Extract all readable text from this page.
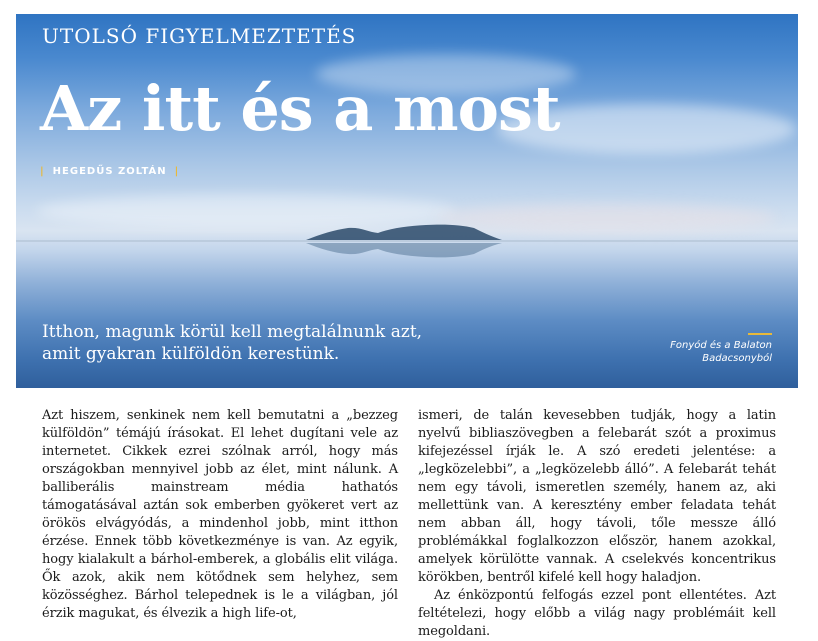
UTOLSÓ FIGYELMEZTETÉS
Az itt és a most
| HEGEDŰS ZOLTÁN |

Itthon, magunk körül kell megtalálnunk azt, amit gyakran külföldön kerestünk.	Fonyód és a Balaton
Badacsonyból

Azt hiszem, senkinek nem kell bemutatni a „bezzeg külföldön” témájú írásokat. El lehet dugítani vele az internetet. Cikkek ezrei szólnak arról, hogy más országokban mennyivel jobb az élet, mint nálunk. A balliberális mainstream média hathatós támogatásával aztán sok emberben gyökeret vert az örökös elvágyódás, a mindenhol jobb, mint itthon érzése. Ennek több következménye is van. Az egyik, hogy kialakult a bárhol-emberek, a globális elit világa. Ők azok, akik nem kötődnek sem helyhez, sem közösséghez. Bárhol telepednek is le a világban, jól érzik magukat, és élvezik a high life-ot,

ismeri, de talán kevesebben tudják, hogy a latin nyelvű bibliaszövegben a felebarát szót a proximus kifejezéssel írják le. A szó eredeti jelentése: a „legközelebbi”, a „legközelebb álló”. A felebarát tehát nem egy távoli, ismeretlen személy, hanem az, aki mellettünk van. A keresztény ember feladata tehát nem abban áll, hogy távoli, tőle messze álló problémákkal foglalkozzon először, hanem azokkal, amelyek körülötte vannak. A cselekvés koncentrikus körökben, bentről kifelé kell hogy haladjon.

Az énközpontú felfogás ezzel pont ellentétes. Azt feltételezi, hogy előbb a világ nagy problémáit kell megoldani.
